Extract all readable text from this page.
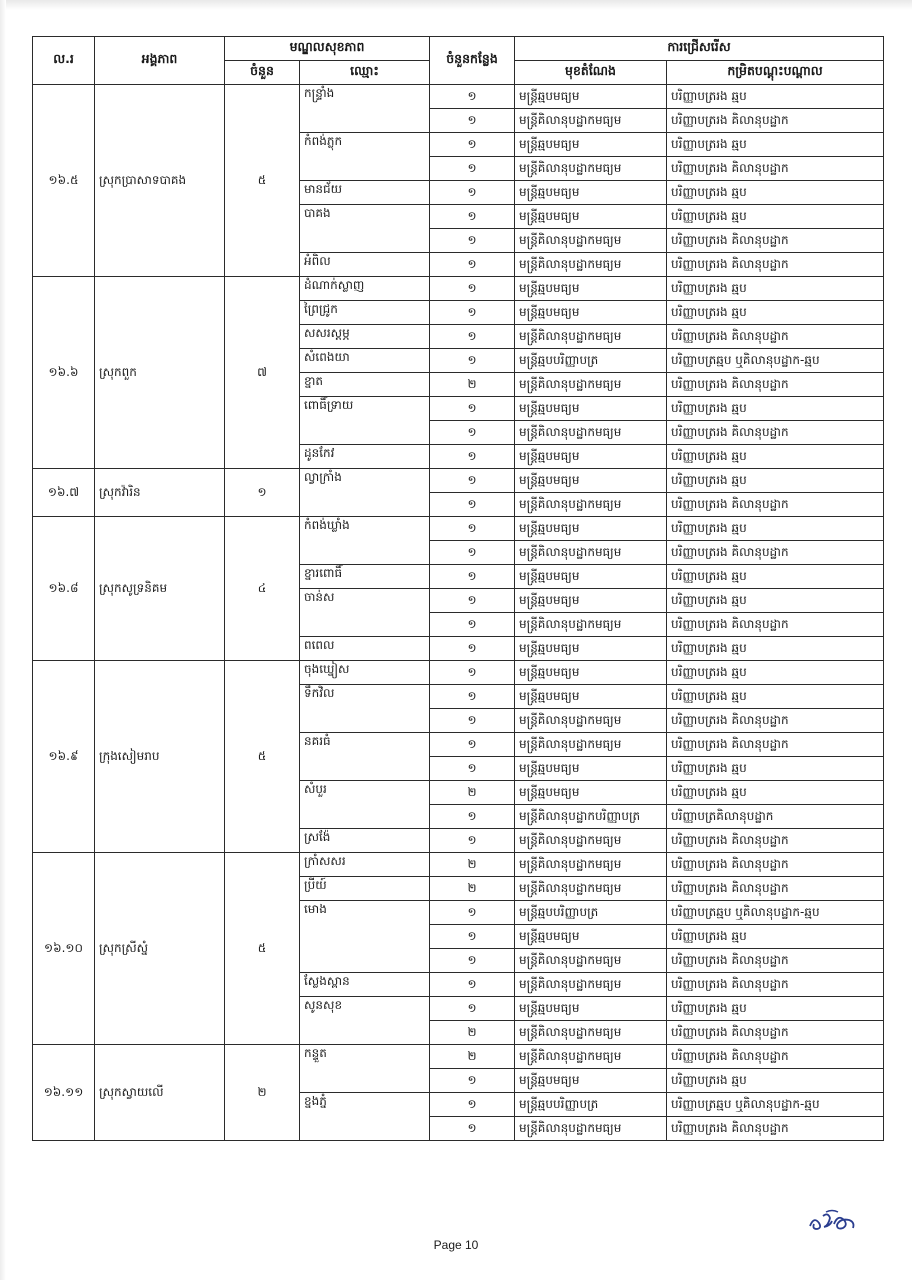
ល.រ	អង្គភាព	មណ្ឌលសុខភាព		ចំនួនកន្លែង	ការជ្រើសរើស	
		ចំនួន	ឈ្មោះ		មុខតំណែង	កម្រិតបណ្តុះបណ្តាល
១៦.៥	ស្រុកប្រាសាទបាគង	៥	កន្ទ្រាំង	១	មន្ត្រីឆ្មបមធ្យម	បរិញ្ញាបត្ររង ឆ្មប
				១	មន្ត្រីគិលានុបដ្ឋាកមធ្យម	បរិញ្ញាបត្ររង គិលានុបដ្ឋាក
			កំពង់ភ្លុក	១	មន្ត្រីឆ្មបមធ្យម	បរិញ្ញាបត្ររង ឆ្មប
				១	មន្ត្រីគិលានុបដ្ឋាកមធ្យម	បរិញ្ញាបត្ររង គិលានុបដ្ឋាក
			មានជ័យ	១	មន្ត្រីឆ្មបមធ្យម	បរិញ្ញាបត្ររង ឆ្មប
			បាគង	១	មន្ត្រីឆ្មបមធ្យម	បរិញ្ញាបត្ររង ឆ្មប
				១	មន្ត្រីគិលានុបដ្ឋាកមធ្យម	បរិញ្ញាបត្ររង គិលានុបដ្ឋាក
			អំពិល	១	មន្ត្រីគិលានុបដ្ឋាកមធ្យម	បរិញ្ញាបត្ររង គិលានុបដ្ឋាក
១៦.៦	ស្រុកពួក	៧	ដំណាក់ស្លាញ	១	មន្ត្រីឆ្មបមធ្យម	បរិញ្ញាបត្ររង ឆ្មប
			ព្រៃជ្រូក	១	មន្ត្រីឆ្មបមធ្យម	បរិញ្ញាបត្ររង ឆ្មប
			សសរស្តម្ភ	១	មន្ត្រីគិលានុបដ្ឋាកមធ្យម	បរិញ្ញាបត្ររង គិលានុបដ្ឋាក
			សំពេងយា	១	មន្ត្រីឆ្មបបរិញ្ញាបត្រ	បរិញ្ញាបត្រឆ្មប ឬគិលានុបដ្ឋាក-ឆ្មប
			ខ្នាត	២	មន្ត្រីគិលានុបដ្ឋាកមធ្យម	បរិញ្ញាបត្ររង គិលានុបដ្ឋាក
			ពោធិ៍ទ្រាយ	១	មន្ត្រីឆ្មបមធ្យម	បរិញ្ញាបត្ររង ឆ្មប
				១	មន្ត្រីគិលានុបដ្ឋាកមធ្យម	បរិញ្ញាបត្ររង គិលានុបដ្ឋាក
			ដូនកែវ	១	មន្ត្រីឆ្មបមធ្យម	បរិញ្ញាបត្ររង ឆ្មប
១៦.៧	ស្រុកវ៉ារិន	១	ល្វាក្រាំង	១	មន្ត្រីឆ្មបមធ្យម	បរិញ្ញាបត្ររង ឆ្មប
				១	មន្ត្រីគិលានុបដ្ឋាកមធ្យម	បរិញ្ញាបត្ររង គិលានុបដ្ឋាក
១៦.៨	ស្រុកសូទ្រនិគម	៤	កំពង់ឃ្លាំង	១	មន្ត្រីឆ្មបមធ្យម	បរិញ្ញាបត្ររង ឆ្មប
				១	មន្ត្រីគិលានុបដ្ឋាកមធ្យម	បរិញ្ញាបត្ររង គិលានុបដ្ឋាក
			ខ្នារពោធិ៍	១	មន្ត្រីឆ្មបមធ្យម	បរិញ្ញាបត្ររង ឆ្មប
			ចាន់ស	១	មន្ត្រីឆ្មបមធ្យម	បរិញ្ញាបត្ររង ឆ្មប
				១	មន្ត្រីគិលានុបដ្ឋាកមធ្យម	បរិញ្ញាបត្ររង គិលានុបដ្ឋាក
			ពពេល	១	មន្ត្រីឆ្មបមធ្យម	បរិញ្ញាបត្ររង ឆ្មប
១៦.៩	ក្រុងសៀមរាប	៥	ចុងឃ្នៀស	១	មន្ត្រីឆ្មបមធ្យម	បរិញ្ញាបត្ររង ឆ្មប
			ទឹកវិល	១	មន្ត្រីឆ្មបមធ្យម	បរិញ្ញាបត្ររង ឆ្មប
				១	មន្ត្រីគិលានុបដ្ឋាកមធ្យម	បរិញ្ញាបត្ររង គិលានុបដ្ឋាក
			នគរធំ	១	មន្ត្រីគិលានុបដ្ឋាកមធ្យម	បរិញ្ញាបត្ររង គិលានុបដ្ឋាក
				១	មន្ត្រីឆ្មបមធ្យម	បរិញ្ញាបត្ររង ឆ្មប
			សំបួរ	២	មន្ត្រីឆ្មបមធ្យម	បរិញ្ញាបត្ររង ឆ្មប
				១	មន្ត្រីគិលានុបដ្ឋាកបរិញ្ញាបត្រ	បរិញ្ញាបត្រគិលានុបដ្ឋាក
			ស្រង៉ែ	១	មន្ត្រីគិលានុបដ្ឋាកមធ្យម	បរិញ្ញាបត្ររង គិលានុបដ្ឋាក
១៦.១០	ស្រុកស្រីស្នំ	៥	ក្រាំសសរ	២	មន្ត្រីគិលានុបដ្ឋាកមធ្យម	បរិញ្ញាបត្ររង គិលានុបដ្ឋាក
			ប្រីយ៍	២	មន្ត្រីគិលានុបដ្ឋាកមធ្យម	បរិញ្ញាបត្ររង គិលានុបដ្ឋាក
			មោង	១	មន្ត្រីឆ្មបបរិញ្ញាបត្រ	បរិញ្ញាបត្រឆ្មប ឬគិលានុបដ្ឋាក-ឆ្មប
				១	មន្ត្រីឆ្មបមធ្យម	បរិញ្ញាបត្ររង ឆ្មប
				១	មន្ត្រីគិលានុបដ្ឋាកមធ្យម	បរិញ្ញាបត្ររង គិលានុបដ្ឋាក
			ស្លែងស្ពាន	១	មន្ត្រីគិលានុបដ្ឋាកមធ្យម	បរិញ្ញាបត្ររង គិលានុបដ្ឋាក
			សូនសុខ	១	មន្ត្រីឆ្មបមធ្យម	បរិញ្ញាបត្ររង ឆ្មប
				២	មន្ត្រីគិលានុបដ្ឋាកមធ្យម	បរិញ្ញាបត្ររង គិលានុបដ្ឋាក
១៦.១១	ស្រុកស្វាយលើ	២	កន្ទួត	២	មន្ត្រីគិលានុបដ្ឋាកមធ្យម	បរិញ្ញាបត្ររង គិលានុបដ្ឋាក
				១	មន្ត្រីឆ្មបមធ្យម	បរិញ្ញាបត្ររង ឆ្មប
			ខ្នងភ្នំ	១	មន្ត្រីឆ្មបបរិញ្ញាបត្រ	បរិញ្ញាបត្រឆ្មប ឬគិលានុបដ្ឋាក-ឆ្មប
				១	មន្ត្រីគិលានុបដ្ឋាកមធ្យម	បរិញ្ញាបត្ររង គិលានុបដ្ឋាក
Page 10
